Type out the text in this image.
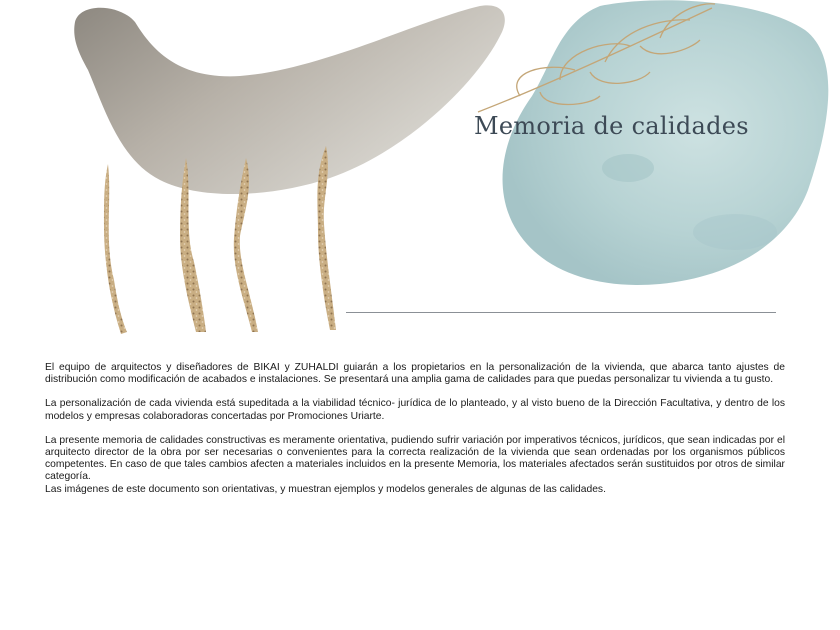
Memoria de calidades

El equipo de arquitectos y diseñadores de BIKAI y ZUHALDI guiarán a los propietarios en la personalización de la vivienda, que abarca tanto ajustes de distribución como modificación de acabados e instalaciones. Se presentará una amplia gama de calidades para que puedas personalizar tu vivienda a tu gusto.

La personalización de cada vivienda está supeditada a la viabilidad técnico- jurídica de lo planteado, y al visto bueno de la Dirección Facultativa, y dentro de los modelos y empresas colaboradoras concertadas por Promociones Uriarte.

La presente memoria de calidades constructivas es meramente orientativa, pudiendo sufrir variación por imperativos técnicos, jurídicos, que sean indicadas por el arquitecto director de la obra por ser necesarias o convenientes para la correcta realización de la vivienda que sean ordenadas por los organismos públicos competentes. En caso de que tales cambios afecten a materiales incluidos en la presente Memoria, los materiales afectados serán sustituidos por otros de similar categoría.

Las imágenes de este documento son orientativas, y muestran ejemplos y modelos generales de algunas de las calidades.
